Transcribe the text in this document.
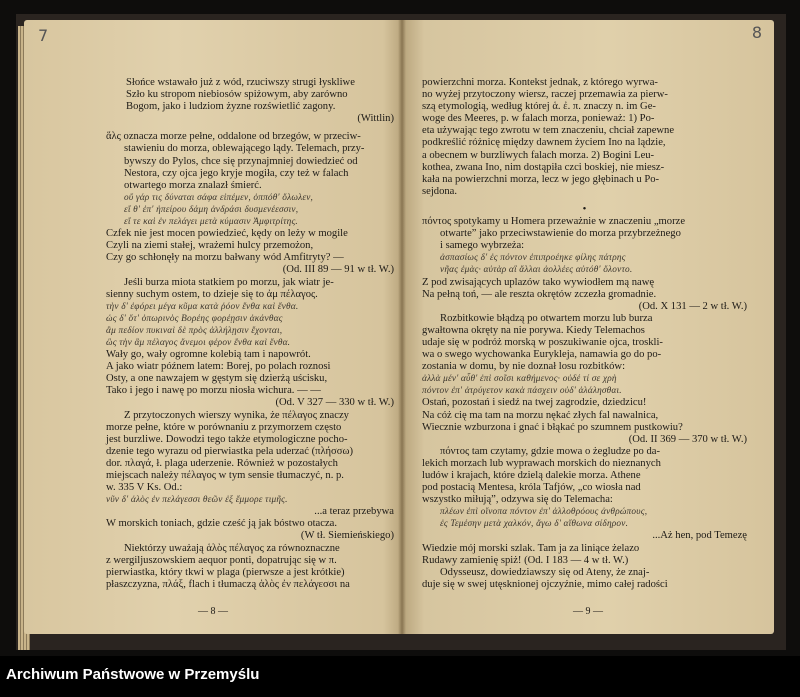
7
Słońce wstawało już z wód, rzuciwszy strugi łyskliwe
Szło ku stropom niebiosów spiżowym, aby zarówno
Bogom, jako i ludziom żyzne rozświetlić zagony.
(Wittlin)
ἅλς oznacza morze pełne, oddalone od brzegów, w przeciw-
stawieniu do morza, oblewającego lądy. Telemach, przy-
bywszy do Pylos, chce się przynajmniej dowiedzieć od
Nestora, czy ojca jego kryje mogiła, czy też w falach
otwartego morza znalazł śmierć.
οὔ γάρ τις δύναται σάφα εἰπέμεν, ὁππόθ' ὄλωλεν,
εἴ θ' ἐπ' ἠπείρου δάμη ἀνδράσι δυσμενέεσσιν,
εἴ τε καὶ ἐν πελάγει μετὰ κύμασιν Ἀμφιτρίτης.
Czfek nie jest mocen powiedzieć, kędy on leży w mogile
Czyli na ziemi stałej, wrażemi hulcy przemożon,
Czy go schłonęły na morzu bałwany wód Amfitryty? —
(Od. III 89 — 91 w tł. W.)
Jeśli burza miota statkiem po morzu, jak wiatr je-
sienny suchym ostem, to dzieje się to ἀμ πέλαγος.
τὴν δ' ἐφόρει μέγα κῦμα κατὰ ῥόον ἔνθα καὶ ἔνθα.
ὡς δ' ὅτ' ὀπωρινὸς Βορέης φορέῃσιν ἀκάνθας
ἂμ πεδίον πυκιναὶ δὲ πρὸς ἀλλήλῃσιν ἔχονται,
ὣς τὴν ἂμ πέλαγος ἄνεμοι φέρον ἔνθα καὶ ἔνθα.
Wały go, wały ogromne kolebią tam i napowrót.
A jako wiatr późnem latem: Borej, po polach roznosi
Osty, a one nawzajem w gęstym się dzierżą uścisku,
Tako i jego i nawę po morzu niosła wichura. — —
(Od. V 327 — 330 w tł. W.)
Z przytoczonych wierszy wynika, że πέλαγος znaczy
morze pełne, które w porównaniu z przymorzem często
jest burzliwe. Dowodzi tego także etymologiczne pocho-
dzenie tego wyrazu od pierwiastka pela uderzać (πλήσσω)
dor. πλαγά, ł. plaga uderzenie. Również w pozostałych
miejscach należy πέλαγος w tym sensie tłumaczyć, n. p.
w. 335 V Ks. Od.:
νῦν δ' ἁλὸς ἐν πελάγεσσι θεῶν ἐξ ἔμμορε τιμῆς.
...a teraz przebywa
W morskich toniach, gdzie cześć ją jak bóstwo otacza.
(W tł. Siemieńskiego)
Niektórzy uważają ἁλὸς πέλαγος za równoznaczne
z wergiljuszowskiem aequor ponti, dopatrując się w π.
pierwiastka, który tkwi w plaga (pierwsze a jest krótkie)
płaszczyzna, πλάξ, flach i tłumaczą ἁλὸς ἐν πελάγεσσι na
— 8 —
8
powierzchni morza. Kontekst jednak, z którego wyrwa-
no wyżej przytoczony wiersz, raczej przemawia za pierw-
szą etymologią, według której ἁ. ἐ. π. znaczy n. im Ge-
woge des Meeres, p. w falach morza, ponieważ: 1) Po-
eta używając tego zwrotu w tem znaczeniu, chciał zapewne
podkreślić różnicę między dawnem życiem Ino na lądzie,
a obecnem w burzliwych falach morza. 2) Bogini Leu-
kothea, zwana Ino, nim dostąpiła czci boskiej, nie miesz-
kała na powierzchni morza, lecz w jego głębinach u Po-
sejdona.
•
πόντος spotykamy u Homera przeważnie w znaczeniu „morze
otwarte” jako przeciwstawienie do morza przybrzeżnego
i samego wybrzeża:
ἀσπασίως δ' ἐς πόντον ἐπιπροέηκε φίλης πάτρης
νῆας ἐμὰς· αὐτὰρ αἳ ἄλλαι ἀολλέες αὐτόθ' ὄλοντο.
Z pod zwisających uplazów tako wywiodłem mą nawę
Na pełną toń, — ale reszta okrętów zczezła gromadnie.
(Od. X 131 — 2 w tł. W.)
Rozbitkowie błądzą po otwartem morzu lub burza
gwałtowna okręty na nie porywa. Kiedy Telemachos
udaje się w podróż morską w poszukiwanie ojca, troskli-
wa o swego wychowanka Eurykleja, namawia go do po-
zostania w domu, by nie doznał losu rozbitków:
ἀλλὰ μέν' αὖθ' ἐπὶ σοῖσι καθήμενος· οὐδέ τί σε χρὴ
πόντον ἐπ' ἀτρύγετον κακὰ πάσχειν οὐδ' ἀλάλησθαι.
Ostań, pozostań i siedź na twej zagrodzie, dziedzicu!
Na cóż cię ma tam na morzu nękać złych fal nawalnica,
Wiecznie wzburzona i gnać i błąkać po szumnem pustkowiu?
(Od. II 369 — 370 w tł. W.)
πόντος tam czytamy, gdzie mowa o żegludze po da-
lekich morzach lub wyprawach morskich do nieznanych
ludów i krajach, które dzielą dalekie morza. Athene
pod postacią Mentesa, króla Tafjów, „co wiosła nad
wszystko miłują”, odzywa się do Telemacha:
πλέων ἐπὶ οἴνοπα πόντον ἐπ' ἀλλοθρόους ἀνθρώπους,
ἐς Τεμέσην μετὰ χαλκόν, ἄγω δ' αἴθωνα σίδηρον.
...Aż hen, pod Temezę
Wiedzie mój morski szlak. Tam ja za liniące żelazo
Rudawy zamienię spiż! (Od. I 183 — 4 w tł. W.)
Odysseusz, dowiedziawszy się od Ateny, że znaj-
duje się w swej utęsknionej ojczyźnie, mimo całej radości
— 9 —
Archiwum Państwowe w Przemyślu
